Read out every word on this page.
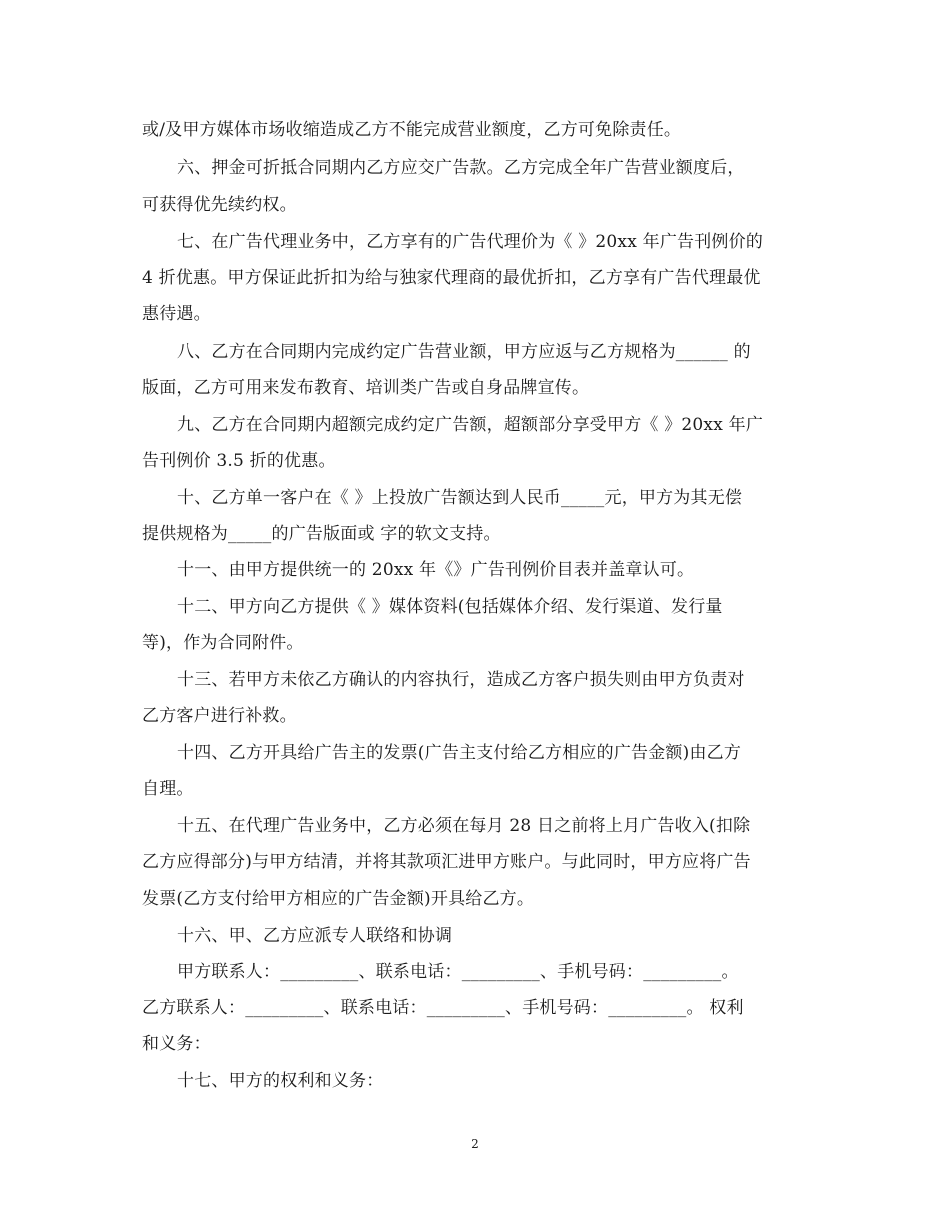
或/及甲方媒体市场收缩造成乙方不能完成营业额度，乙方可免除责任。
六、押金可折抵合同期内乙方应交广告款。乙方完成全年广告营业额度后，
可获得优先续约权。
七、在广告代理业务中，乙方享有的广告代理价为《 》20xx 年广告刊例价的
4 折优惠。甲方保证此折扣为给与独家代理商的最优折扣，乙方享有广告代理最优
惠待遇。
八、乙方在合同期内完成约定广告营业额，甲方应返与乙方规格为______ 的
版面，乙方可用来发布教育、培训类广告或自身品牌宣传。
九、乙方在合同期内超额完成约定广告额，超额部分享受甲方《 》20xx 年广
告刊例价 3.5 折的优惠。
十、乙方单一客户在《 》上投放广告额达到人民币_____元，甲方为其无偿
提供规格为_____的广告版面或 字的软文支持。
十一、由甲方提供统一的 20xx 年《》广告刊例价目表并盖章认可。
十二、甲方向乙方提供《 》媒体资料(包括媒体介绍、发行渠道、发行量
等)，作为合同附件。
十三、若甲方未依乙方确认的内容执行，造成乙方客户损失则由甲方负责对
乙方客户进行补救。
十四、乙方开具给广告主的发票(广告主支付给乙方相应的广告金额)由乙方
自理。
十五、在代理广告业务中，乙方必须在每月 28 日之前将上月广告收入(扣除
乙方应得部分)与甲方结清，并将其款项汇进甲方账户。与此同时，甲方应将广告
发票(乙方支付给甲方相应的广告金额)开具给乙方。
十六、甲、乙方应派专人联络和协调
甲方联系人：_________、联系电话：_________、手机号码：_________。
乙方联系人：_________、联系电话：_________、手机号码：_________。 权利
和义务：
十七、甲方的权利和义务：
2
